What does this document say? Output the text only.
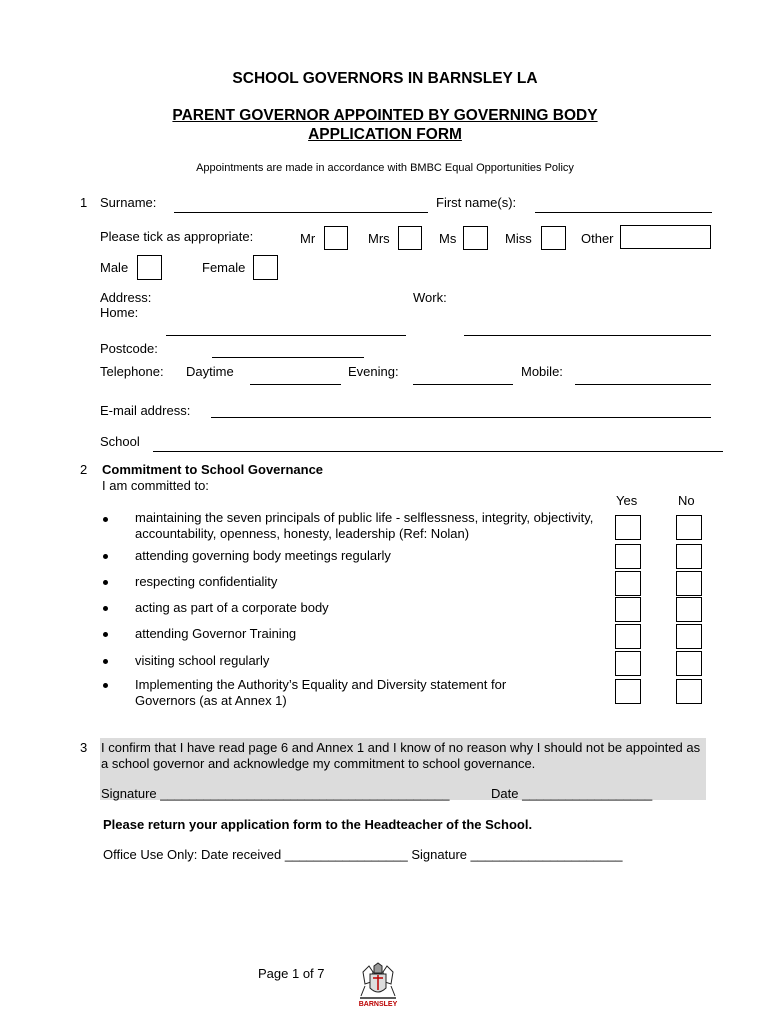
SCHOOL GOVERNORS IN BARNSLEY LA
PARENT GOVERNOR APPOINTED BY GOVERNING BODY
APPLICATION FORM
Appointments are made in accordance with BMBC Equal Opportunities Policy
1 Surname:	First name(s):
Please tick as appropriate:	Mr	Mrs	Ms	Miss	Other
Male	Female
Address:
Home:
Work:
Postcode:
Telephone: Daytime	Evening:	Mobile:
E-mail address:
School
2 Commitment to School Governance
I am committed to:
Yes	No
maintaining the seven principals of public life - selflessness, integrity, objectivity, accountability, openness, honesty, leadership (Ref: Nolan)
attending governing body meetings regularly
respecting confidentiality
acting as part of a corporate body
attending Governor Training
visiting school regularly
Implementing the Authority’s Equality and Diversity statement for Governors (as at Annex 1)
3 I confirm that I have read page 6 and Annex 1 and I know of no reason why I should not be appointed as a school governor and acknowledge my commitment to school governance.
Signature ________________________________________	Date __________________
Please return your application form to the Headteacher of the School.
Office Use Only: Date received _________________ Signature _____________________
Page 1 of 7
BARNSLEY
